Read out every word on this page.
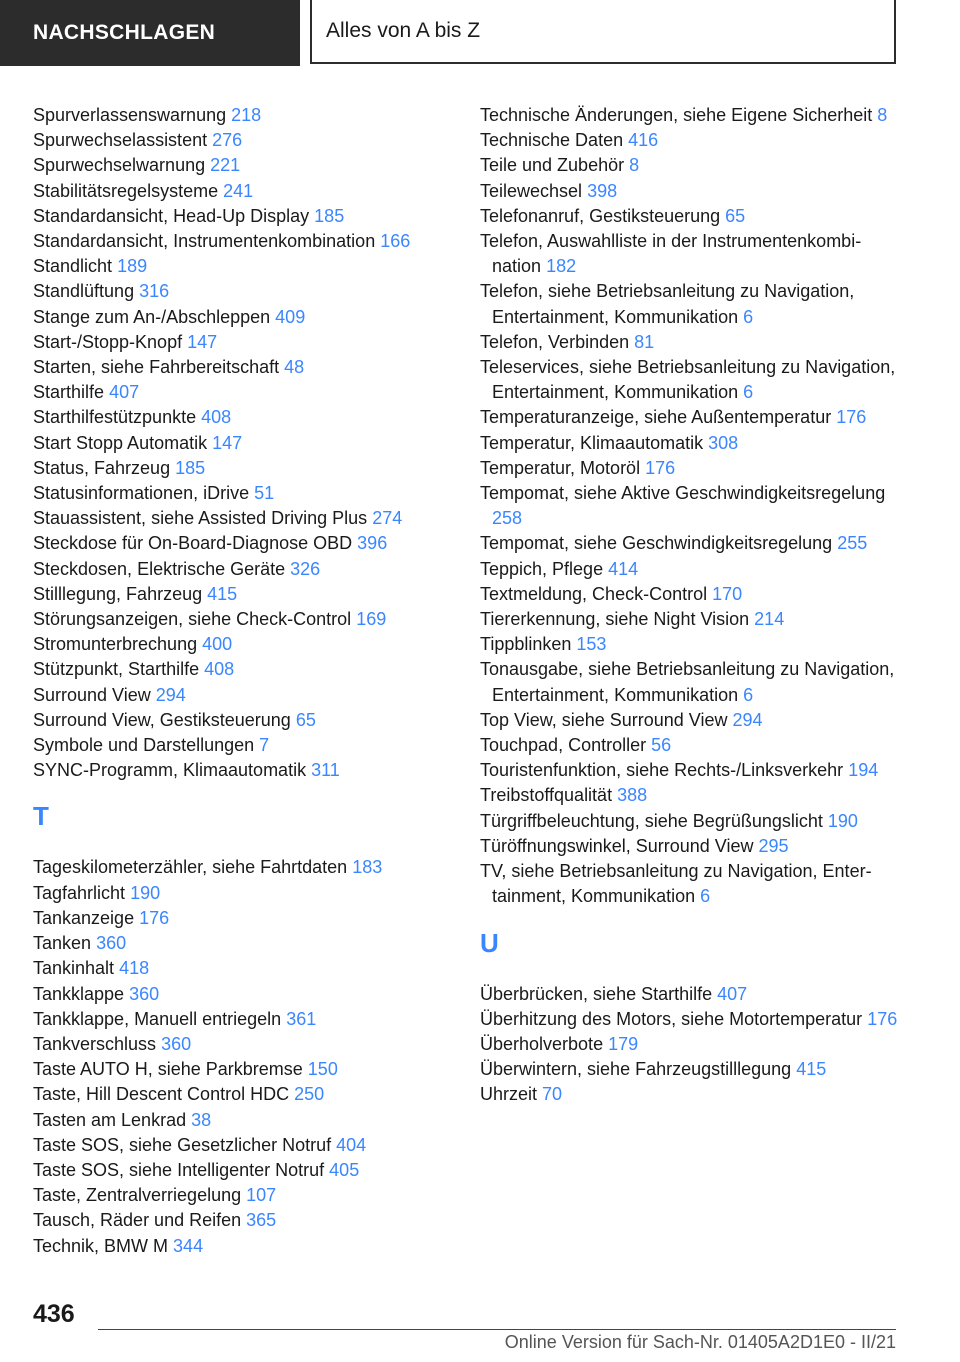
NACHSCHLAGEN	Alles von A bis Z
Spurverlassenswarnung 218
Spurwechselassistent 276
Spurwechselwarnung 221
Stabilitätsregelsysteme 241
Standardansicht, Head-Up Display 185
Standardansicht, Instrumentenkombination 166
Standlicht 189
Standlüftung 316
Stange zum An-/Abschleppen 409
Start-/Stopp-Knopf 147
Starten, siehe Fahrbereitschaft 48
Starthilfe 407
Starthilfestützpunkte 408
Start Stopp Automatik 147
Status, Fahrzeug 185
Statusinformationen, iDrive 51
Stauassistent, siehe Assisted Driving Plus 274
Steckdose für On-Board-Diagnose OBD 396
Steckdosen, Elektrische Geräte 326
Stilllegung, Fahrzeug 415
Störungsanzeigen, siehe Check-Control 169
Stromunterbrechung 400
Stützpunkt, Starthilfe 408
Surround View 294
Surround View, Gestiksteuerung 65
Symbole und Darstellungen 7
SYNC-Programm, Klimaautomatik 311
T
Tageskilometerzähler, siehe Fahrtdaten 183
Tagfahrlicht 190
Tankanzeige 176
Tanken 360
Tankinhalt 418
Tankklappe 360
Tankklappe, Manuell entriegeln 361
Tankverschluss 360
Taste AUTO H, siehe Parkbremse 150
Taste, Hill Descent Control HDC 250
Tasten am Lenkrad 38
Taste SOS, siehe Gesetzlicher Notruf 404
Taste SOS, siehe Intelligenter Notruf 405
Taste, Zentralverriegelung 107
Tausch, Räder und Reifen 365
Technik, BMW M 344
Technische Änderungen, siehe Eigene Sicherheit 8
Technische Daten 416
Teile und Zubehör 8
Teilewechsel 398
Telefonanruf, Gestiksteuerung 65
Telefon, Auswahlliste in der Instrumentenkombination 182
Telefon, siehe Betriebsanleitung zu Navigation, Entertainment, Kommunikation 6
Telefon, Verbinden 81
Teleservices, siehe Betriebsanleitung zu Navigation, Entertainment, Kommunikation 6
Temperaturanzeige, siehe Außentemperatur 176
Temperatur, Klimaautomatik 308
Temperatur, Motoröl 176
Tempomat, siehe Aktive Geschwindigkeitsregelung 258
Tempomat, siehe Geschwindigkeitsregelung 255
Teppich, Pflege 414
Textmeldung, Check-Control 170
Tiererkennung, siehe Night Vision 214
Tippblinken 153
Tonausgabe, siehe Betriebsanleitung zu Navigation, Entertainment, Kommunikation 6
Top View, siehe Surround View 294
Touchpad, Controller 56
Touristenfunktion, siehe Rechts-/Linksverkehr 194
Treibstoffqualität 388
Türgriffbeleuchtung, siehe Begrüßungslicht 190
Türöffnungswinkel, Surround View 295
TV, siehe Betriebsanleitung zu Navigation, Entertainment, Kommunikation 6
U
Überbrücken, siehe Starthilfe 407
Überhitzung des Motors, siehe Motortemperatur 176
Überholverbote 179
Überwintern, siehe Fahrzeugstilllegung 415
Uhrzeit 70
436
Online Version für Sach-Nr. 01405A2D1E0 - II/21
